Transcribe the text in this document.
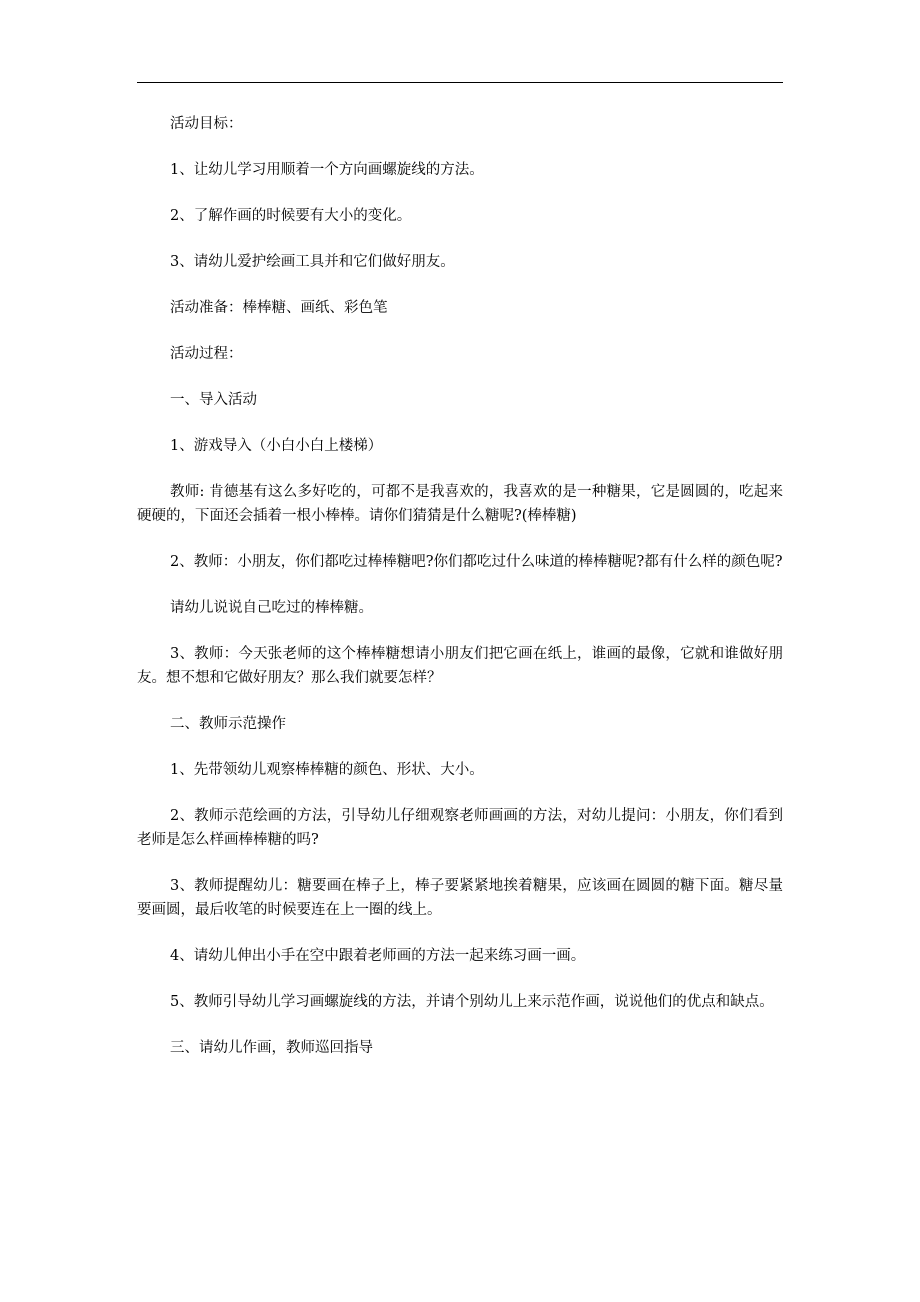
活动目标：

1、让幼儿学习用顺着一个方向画螺旋线的方法。

2、了解作画的时候要有大小的变化。

3、请幼儿爱护绘画工具并和它们做好朋友。

活动准备：棒棒糖、画纸、彩色笔

活动过程：

一、导入活动

1、游戏导入（小白小白上楼梯）

教师: 肯德基有这么多好吃的，可都不是我喜欢的，我喜欢的是一种糖果，它是圆圆的，吃起来硬硬的，下面还会插着一根小棒棒。请你们猜猜是什么糖呢?(棒棒糖)

2、教师：小朋友，你们都吃过棒棒糖吧?你们都吃过什么味道的棒棒糖呢?都有什么样的颜色呢?

请幼儿说说自己吃过的棒棒糖。

3、教师：今天张老师的这个棒棒糖想请小朋友们把它画在纸上，谁画的最像，它就和谁做好朋友。想不想和它做好朋友？那么我们就要怎样？

二、教师示范操作

1、先带领幼儿观察棒棒糖的颜色、形状、大小。

2、教师示范绘画的方法，引导幼儿仔细观察老师画画的方法，对幼儿提问：小朋友，你们看到老师是怎么样画棒棒糖的吗?

3、教师提醒幼儿：糖要画在棒子上，棒子要紧紧地挨着糖果，应该画在圆圆的糖下面。糖尽量要画圆，最后收笔的时候要连在上一圈的线上。

4、请幼儿伸出小手在空中跟着老师画的方法一起来练习画一画。

5、教师引导幼儿学习画螺旋线的方法，并请个别幼儿上来示范作画，说说他们的优点和缺点。

三、请幼儿作画，教师巡回指导
